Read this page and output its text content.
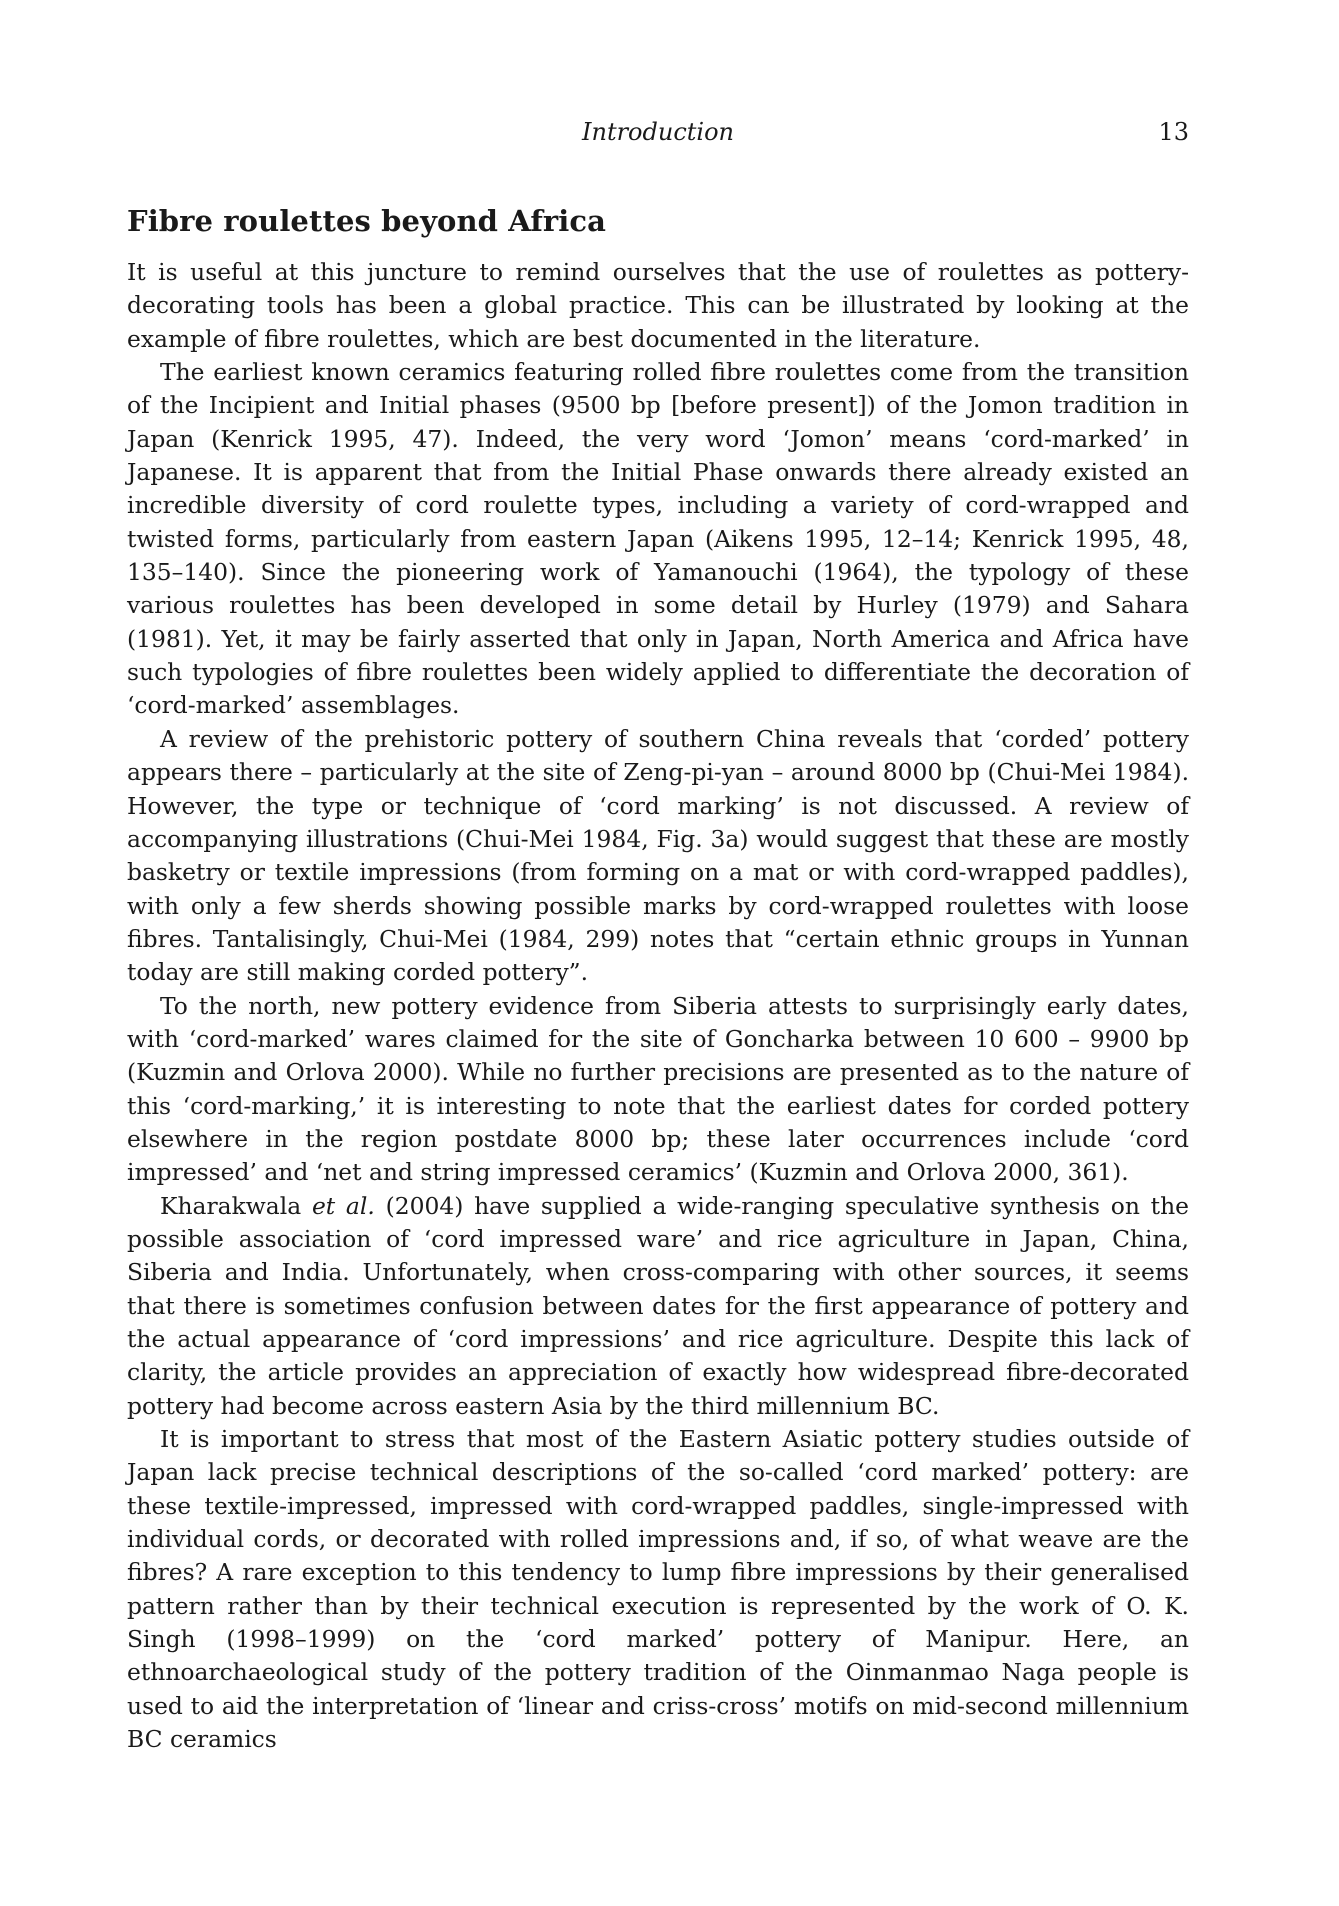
Introduction	13
Fibre roulettes beyond Africa

It is useful at this juncture to remind ourselves that the use of roulettes as pottery-decorating tools has been a global practice. This can be illustrated by looking at the example of fibre roulettes, which are best documented in the literature.

The earliest known ceramics featuring rolled fibre roulettes come from the transition of the Incipient and Initial phases (9500 bp [before present]) of the Jomon tradition in Japan (Kenrick 1995, 47). Indeed, the very word ‘Jomon’ means ‘cord-marked’ in Japanese. It is apparent that from the Initial Phase onwards there already existed an incredible diversity of cord roulette types, including a variety of cord-wrapped and twisted forms, particularly from eastern Japan (Aikens 1995, 12–14; Kenrick 1995, 48, 135–140). Since the pioneering work of Yamanouchi (1964), the typology of these various roulettes has been developed in some detail by Hurley (1979) and Sahara (1981). Yet, it may be fairly asserted that only in Japan, North America and Africa have such typologies of fibre roulettes been widely applied to differentiate the decoration of ‘cord-marked’ assemblages.

A review of the prehistoric pottery of southern China reveals that ‘corded’ pottery appears there – particularly at the site of Zeng-pi-yan – around 8000 bp (Chui-Mei 1984). However, the type or technique of ‘cord marking’ is not discussed. A review of accompanying illustrations (Chui-Mei 1984, Fig. 3a) would suggest that these are mostly basketry or textile impressions (from forming on a mat or with cord-wrapped paddles), with only a few sherds showing possible marks by cord-wrapped roulettes with loose fibres. Tantalisingly, Chui-Mei (1984, 299) notes that “certain ethnic groups in Yunnan today are still making corded pottery”.

To the north, new pottery evidence from Siberia attests to surprisingly early dates, with ‘cord-marked’ wares claimed for the site of Goncharka between 10 600 – 9900 bp (Kuzmin and Orlova 2000). While no further precisions are presented as to the nature of this ‘cord-marking,’ it is interesting to note that the earliest dates for corded pottery elsewhere in the region postdate 8000 bp; these later occurrences include ‘cord impressed’ and ‘net and string impressed ceramics’ (Kuzmin and Orlova 2000, 361).

Kharakwala et al. (2004) have supplied a wide-ranging speculative synthesis on the possible association of ‘cord impressed ware’ and rice agriculture in Japan, China, Siberia and India. Unfortunately, when cross-comparing with other sources, it seems that there is sometimes confusion between dates for the first appearance of pottery and the actual appearance of ‘cord impressions’ and rice agriculture. Despite this lack of clarity, the article provides an appreciation of exactly how widespread fibre-decorated pottery had become across eastern Asia by the third millennium BC.

It is important to stress that most of the Eastern Asiatic pottery studies outside of Japan lack precise technical descriptions of the so-called ‘cord marked’ pottery: are these textile-impressed, impressed with cord-wrapped paddles, single-impressed with individual cords, or decorated with rolled impressions and, if so, of what weave are the fibres? A rare exception to this tendency to lump fibre impressions by their generalised pattern rather than by their technical execution is represented by the work of O. K. Singh (1998–1999) on the ‘cord marked’ pottery of Manipur. Here, an ethnoarchaeological study of the pottery tradition of the Oinmanmao Naga people is used to aid the interpretation of ‘linear and criss-cross’ motifs on mid-second millennium BC ceramics
